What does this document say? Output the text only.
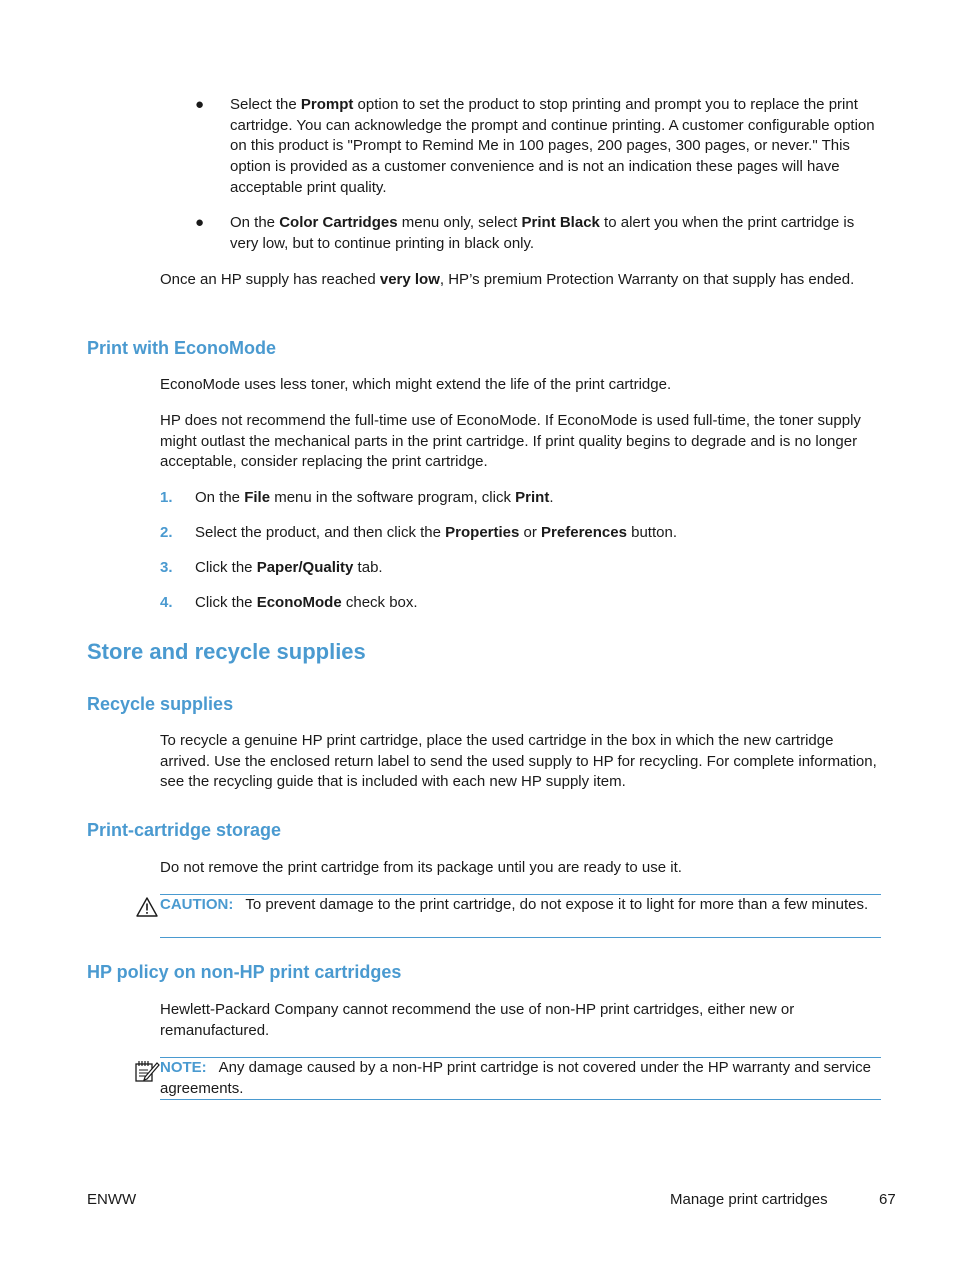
●	Select the Prompt option to set the product to stop printing and prompt you to replace the print cartridge. You can acknowledge the prompt and continue printing. A customer configurable option on this product is "Prompt to Remind Me in 100 pages, 200 pages, 300 pages, or never." This option is provided as a customer convenience and is not an indication these pages will have acceptable print quality.

●	On the Color Cartridges menu only, select Print Black to alert you when the print cartridge is very low, but to continue printing in black only.

Once an HP supply has reached very low, HP’s premium Protection Warranty on that supply has ended.

Print with EconoMode

EconoMode uses less toner, which might extend the life of the print cartridge.

HP does not recommend the full-time use of EconoMode. If EconoMode is used full-time, the toner supply might outlast the mechanical parts in the print cartridge. If print quality begins to degrade and is no longer acceptable, consider replacing the print cartridge.

1. On the File menu in the software program, click Print.

2. Select the product, and then click the Properties or Preferences button.

3. Click the Paper/Quality tab.

4. Click the EconoMode check box.

Store and recycle supplies
Recycle supplies

To recycle a genuine HP print cartridge, place the used cartridge in the box in which the new cartridge arrived. Use the enclosed return label to send the used supply to HP for recycling. For complete information, see the recycling guide that is included with each new HP supply item.

Print-cartridge storage

Do not remove the print cartridge from its package until you are ready to use it.

CAUTION: To prevent damage to the print cartridge, do not expose it to light for more than a few minutes.

HP policy on non-HP print cartridges

Hewlett-Packard Company cannot recommend the use of non-HP print cartridges, either new or remanufactured.

NOTE: Any damage caused by a non-HP print cartridge is not covered under the HP warranty and service agreements.

ENWW	Manage print cartridges	67
